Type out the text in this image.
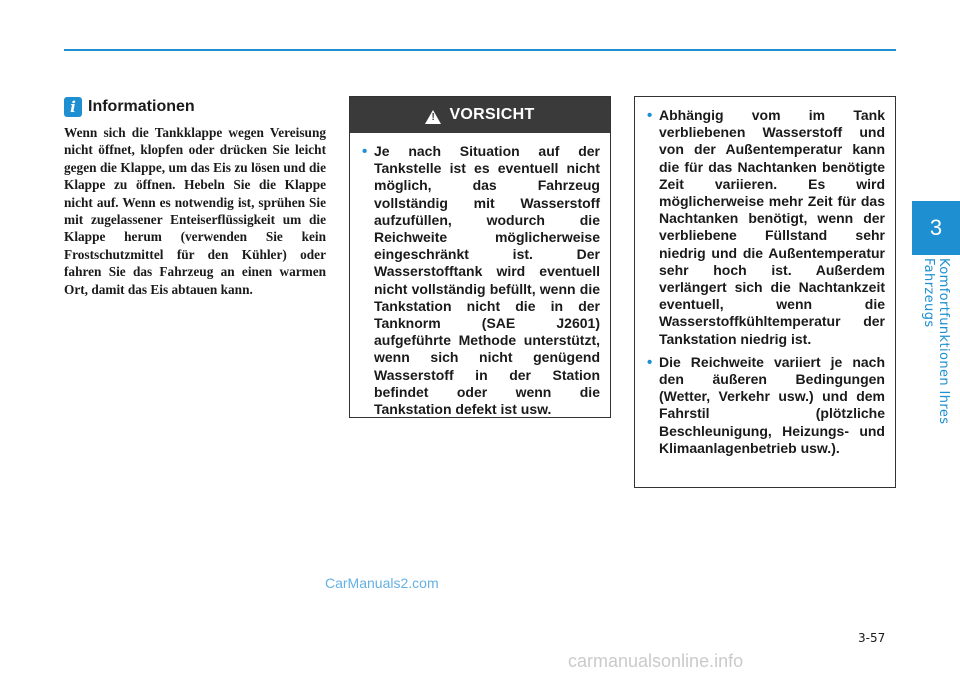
3
Komfortfunktionen Ihres Fahrzeugs
i Informationen

Wenn sich die Tankklappe wegen Vereisung nicht öffnet, klopfen oder drücken Sie leicht gegen die Klappe, um das Eis zu lösen und die Klappe zu öffnen. Hebeln Sie die Klappe nicht auf. Wenn es notwendig ist, sprühen Sie mit zugelassener Enteiserflüssigkeit um die Klappe herum (verwenden Sie kein Frostschutzmittel für den Kühler) oder fahren Sie das Fahrzeug an einen warmen Ort, damit das Eis abtauen kann.

!
VORSICHT
• Je nach Situation auf der Tankstelle ist es eventuell nicht möglich, das Fahrzeug vollständig mit Wasserstoff aufzufüllen, wodurch die Reichweite möglicherweise eingeschränkt ist. Der Wasserstofftank wird eventuell nicht vollständig befüllt, wenn die Tankstation nicht die in der Tanknorm (SAE J2601) aufgeführte Methode unterstützt, wenn sich nicht genügend Wasserstoff in der Station befindet oder wenn die Tankstation defekt ist usw.
• Abhängig vom im Tank verbliebenen Wasserstoff und von der Außentemperatur kann die für das Nachtanken benötigte Zeit variieren. Es wird möglicherweise mehr Zeit für das Nachtanken benötigt, wenn der verbliebene Füllstand sehr niedrig und die Außentemperatur sehr hoch ist. Außerdem verlängert sich die Nachtankzeit eventuell, wenn die Wasserstoffkühltemperatur der Tankstation niedrig ist.
• Die Reichweite variiert je nach den äußeren Bedingungen (Wetter, Verkehr usw.) und dem Fahrstil (plötzliche Beschleunigung, Heizungs- und Klimaanlagenbetrieb usw.).
3-57
CarManuals2.com
carmanualsonline.info
